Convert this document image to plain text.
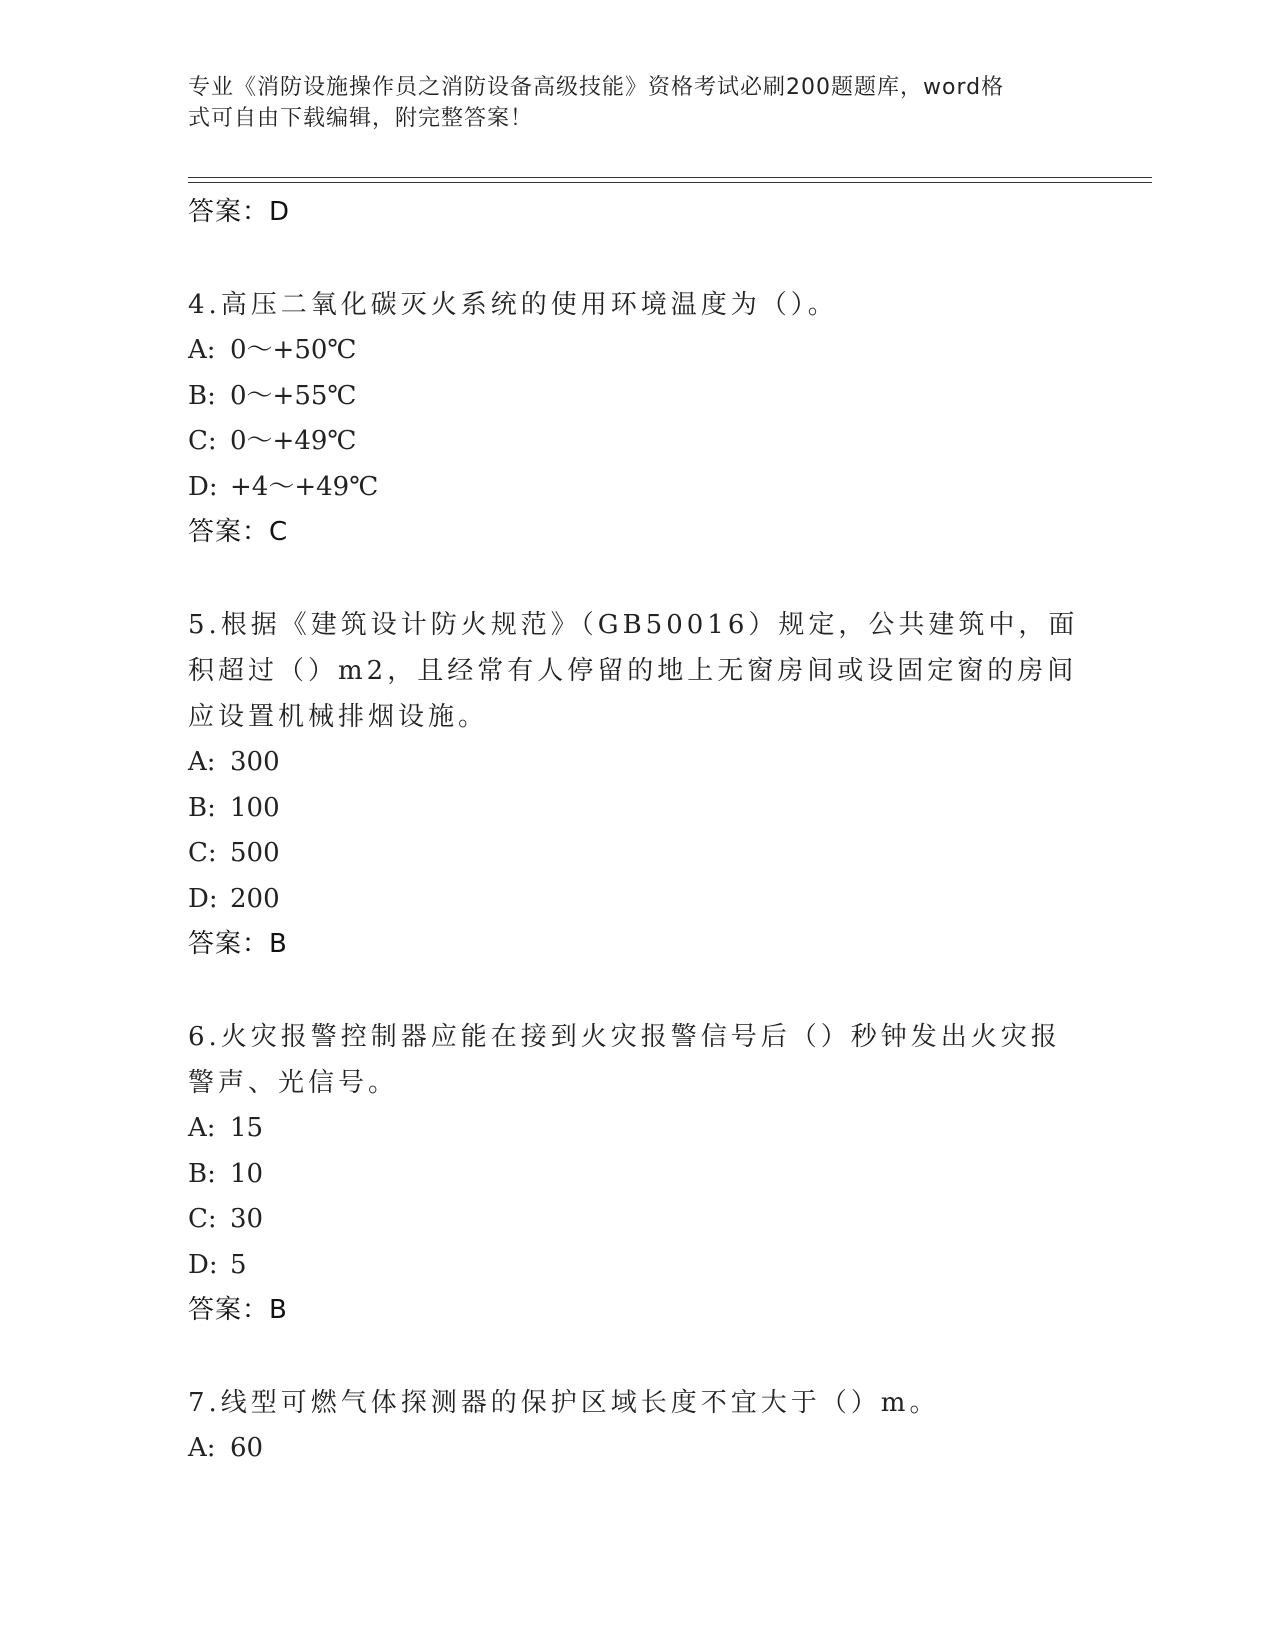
专业《消防设施操作员之消防设备高级技能》资格考试必刷200题题库，word格
式可自由下载编辑，附完整答案！
答案：D
4.高压二氧化碳灭火系统的使用环境温度为（）。
A: 0～+50℃
B: 0～+55℃
C: 0～+49℃
D: +4～+49℃
答案：C
5.根据《建筑设计防火规范》（GB50016）规定，公共建筑中，面积超过（）m2，且经常有人停留的地上无窗房间或设固定窗的房间应设置机械排烟设施。
A: 300
B: 100
C: 500
D: 200
答案：B
6.火灾报警控制器应能在接到火灾报警信号后（）秒钟发出火灾报警声、光信号。
A: 15
B: 10
C: 30
D: 5
答案：B
7.线型可燃气体探测器的保护区域长度不宜大于（）m。
A: 60
